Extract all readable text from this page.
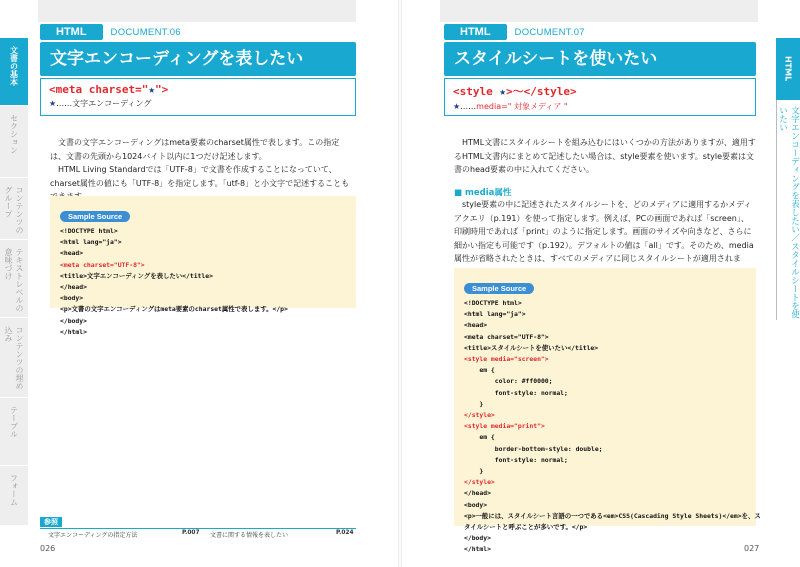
HTML	DOCUMENT.06
文字エンコーディングを表したい
<meta charset="★">
★……文字エンコーディング

文書の文字エンコーディングはmeta要素のcharset属性で表します。この指定は、文書の先頭から1024バイト以内に1つだけ記述します。

HTML Living Standardでは「UTF-8」で文書を作成することになっていて、charset属性の値にも「UTF-8」を指定します。「utf-8」と小文字で記述することも

Sample Source
<!DOCTYPE html>
<html lang="ja">
<head>
<meta charset="UTF-8">
<title>文字エンコーディングを表したい</title>
</head>
<body>
<p>文書の文字エンコーディングはmeta要素のcharset属性で表します。</p>
</body>
</html>
文書の基本
セクション
コンテンツのグループ
テキストレベルの意味づけ
コンテンツの埋め込み
テーブル
フォーム
参照
文字エンコーディングの指定方法	P.007 文書に関する情報を表したい	P.024
026
HTML	DOCUMENT.07
スタイルシートを使いたい
<style ★>〜</style>
★……media=" 対象メディア "

HTML文書にスタイルシートを組み込むにはいくつかの方法がありますが、適用するHTML文書内にまとめて記述したい場合は、style要素を使います。style要素は文書のhead要素の中に入れてください。

■ media属性

style要素の中に記述されたスタイルシートを、どのメディアに適用するかメディアクエリ（p.191）を使って指定します。例えば、PCの画面であれば「screen」、印刷時用であれば「print」のように指定します。画面のサイズや向きなど、さらに細かい指定も可能です（p.192）。デフォルトの値は「all」です。そのため、media属性が省略されたときは、すべてのメディアに同じスタイルシートが適用されま

Sample Source
<!DOCTYPE html>
<html lang="ja">
<head>
<meta charset="UTF-8">
<title>スタイルシートを使いたい</title>
<style media="screen">
em {
color: #ff0000;
font-style: normal;
}
</style>
<style media="print">
em {
border-bottom-style: double;
font-style: normal;
}
</style>
</head>
<body>
<p>一般には、スタイルシート言語の一つである<em>CSS(Cascading Style Sheets)</em>を、ス
タイルシートと呼ぶことが多いです。</p>
</body>
</html>
HTML
文字エンコーディングを表したい／スタイルシートを使いたい
027
